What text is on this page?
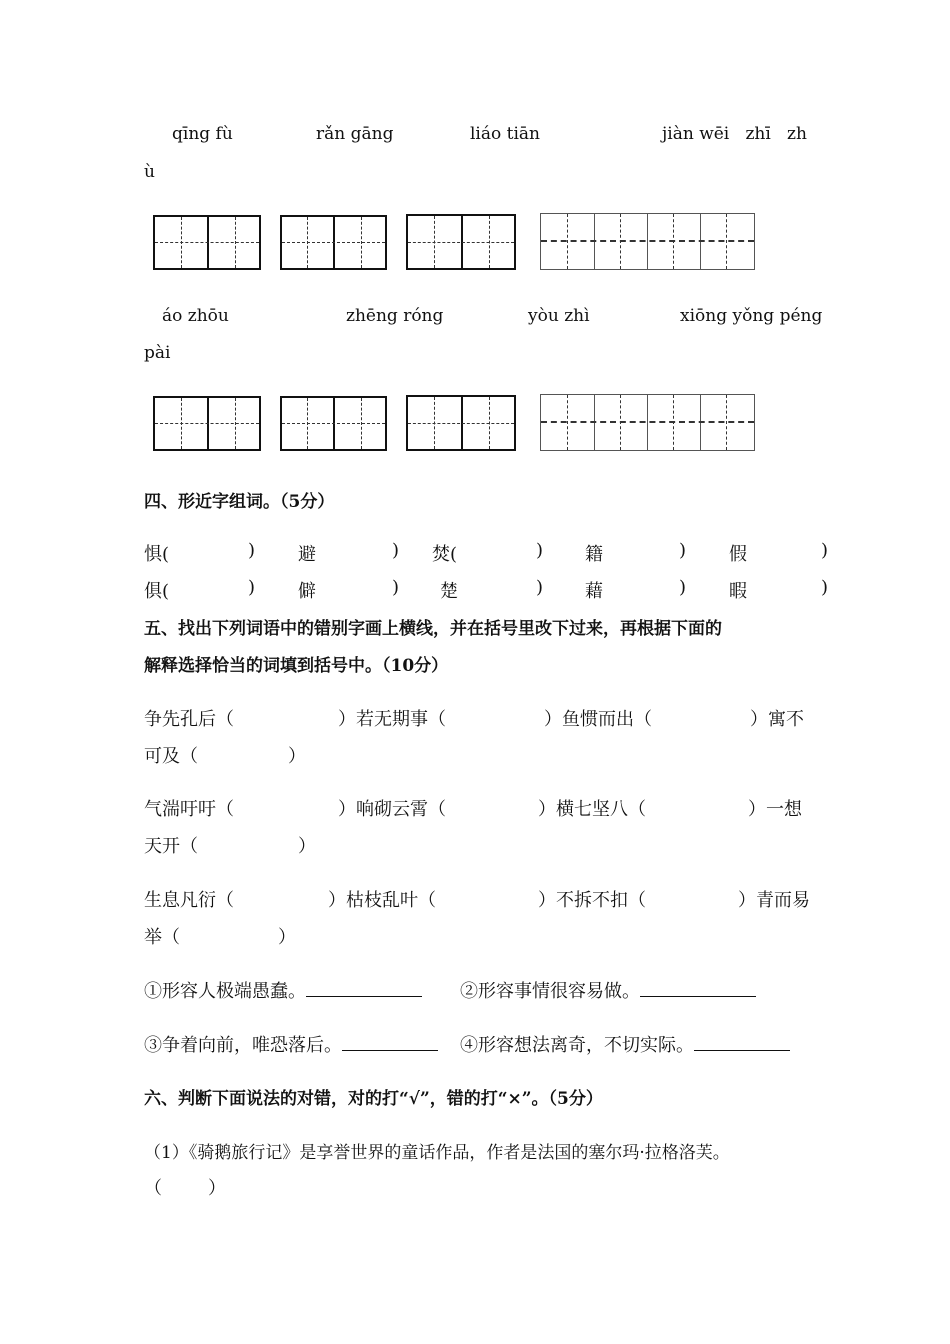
qīng fù	rǎn gāng	liáo tiān	jiàn wēi   zhī   zh
ù
áo zhōu	zhēng róng	yòu zhì	xiōng yǒng péng
pài
四、形近字组词。（5分）
惧(	) 避	) 焚(	) 籍	) 假	)
俱(	) 僻	) 楚	) 藉	) 暇	)
五、找出下列词语中的错别字画上横线，并在括号里改下过来，再根据下面的
解释选择恰当的词填到括号中。（10分）
争先孔后（	）若无期事（	）鱼惯而出（	）寓不
可及（	）
气湍吁吁（	）响砌云霄（	）横七坚八（	）一想
天开（	）
生息凡衍（	）枯枝乱叶（	）不拆不扣（	）青而易
举（	）
①形容人极端愚蠢。	②形容事情很容易做。
③争着向前，唯恐落后。	④形容想法离奇，不切实际。
六、判断下面说法的对错，对的打“√”，错的打“×”。（5分）
（1）《骑鹅旅行记》是享誉世界的童话作品，作者是法国的塞尔玛·拉格洛芙。
（	）
